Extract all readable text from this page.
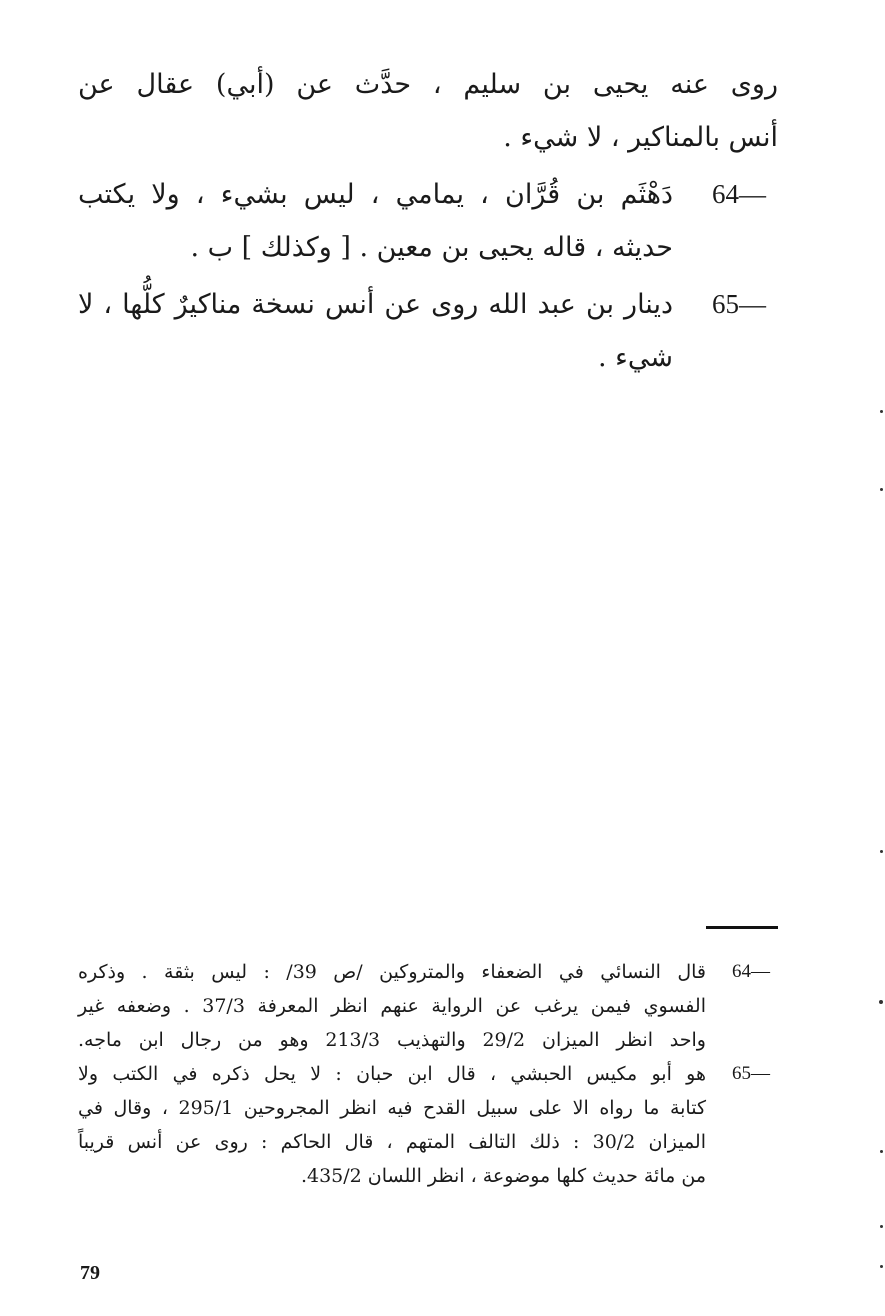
روى عنه يحيى بن سليم ، حدَّث عن (أبي) عقال عن
أنس بالمناكير ، لا شيء .
64—
دَهْثَم بن قُرَّان ، يمامي ، ليس بشيء ، ولا يكتب
حديثه ، قاله يحيى بن معين . [ وكذلك ] ب .
65—
دينار بن عبد الله روى عن أنس نسخة مناكيرٌ كلُّها ، لا
شيء .
64—
قال النسائي في الضعفاء والمتروكين /ص 39/ : ليس بثقة . وذكره
الفسوي فيمن يرغب عن الرواية عنهم انظر المعرفة 37/3 . وضعفه غير
واحد انظر الميزان 29/2 والتهذيب 213/3 وهو من رجال ابن ماجه.
65—
هو أبو مكيس الحبشي ، قال ابن حبان : لا يحل ذكره في الكتب ولا
كتابة ما رواه الا على سبيل القدح فيه انظر المجروحين 295/1 ، وقال في
الميزان 30/2 : ذلك التالف المتهم ، قال الحاكم : روى عن أنس قريباً
من مائة حديث كلها موضوعة ، انظر اللسان 435/2.
79
